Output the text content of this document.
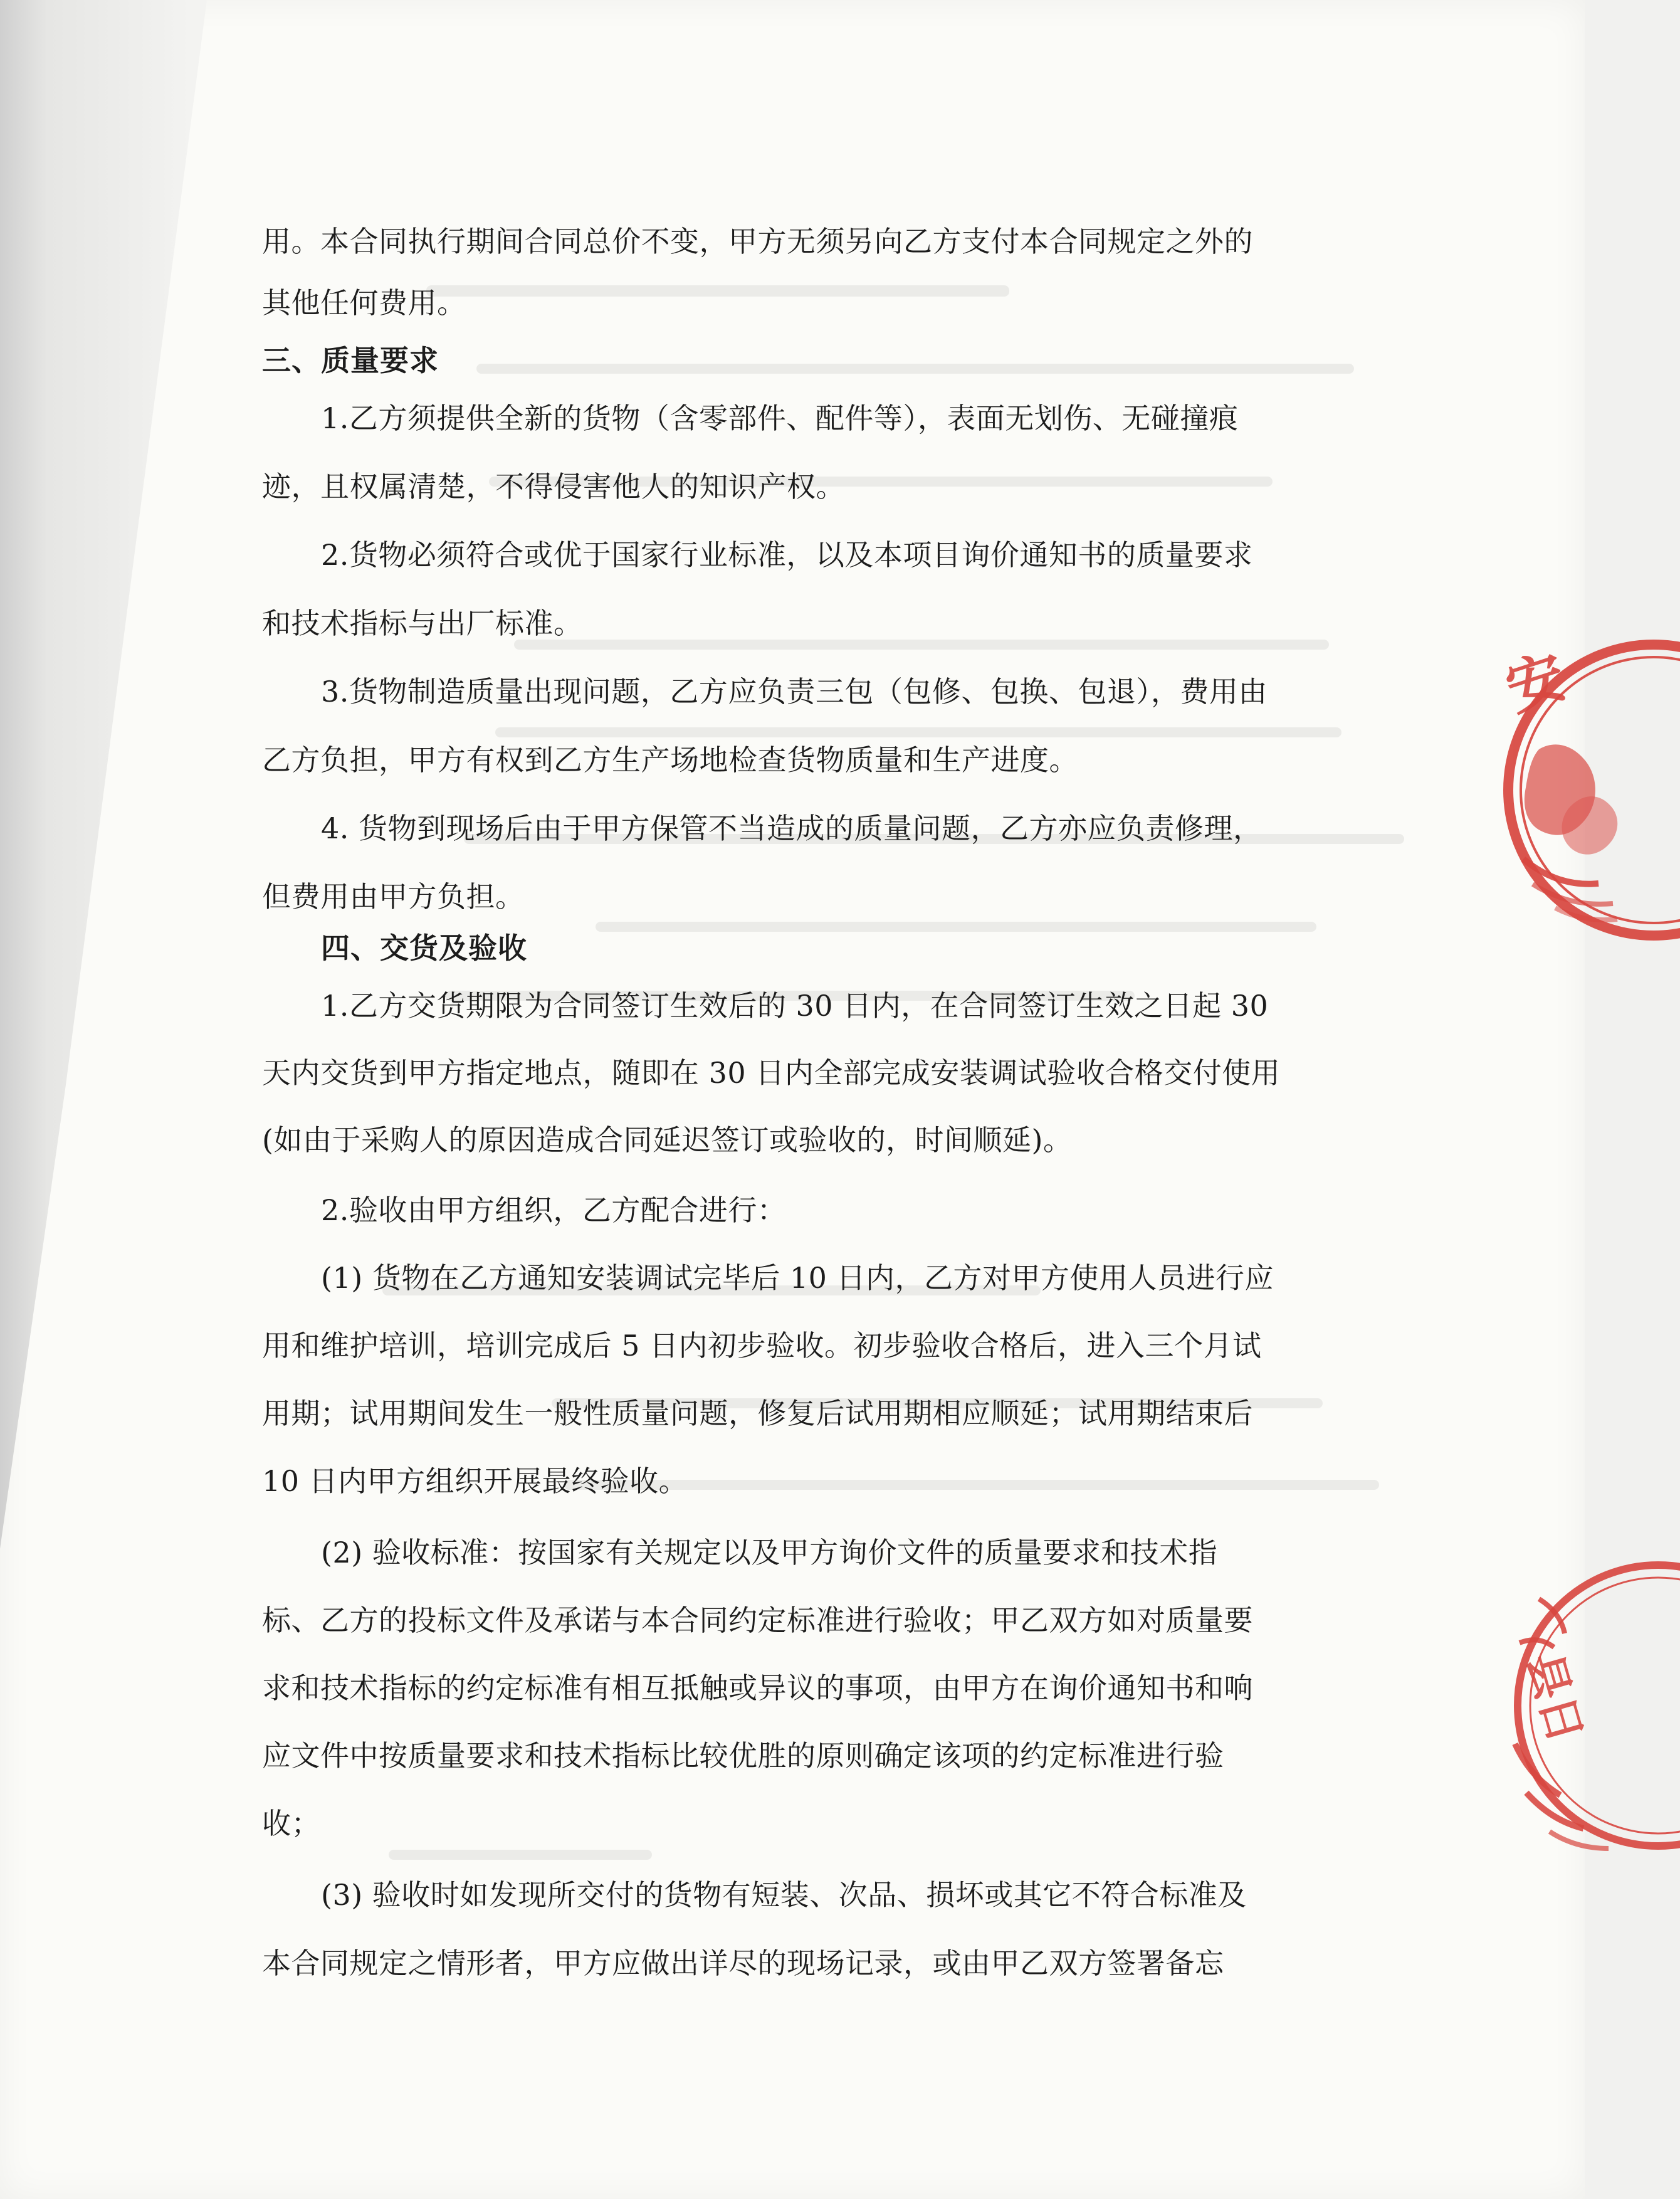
用。本合同执行期间合同总价不变，甲方无须另向乙方支付本合同规定之外的
其他任何费用。
三、质量要求
1.乙方须提供全新的货物（含零部件、配件等），表面无划伤、无碰撞痕
迹，且权属清楚，不得侵害他人的知识产权。
2.货物必须符合或优于国家行业标准，以及本项目询价通知书的质量要求
和技术指标与出厂标准。
3.货物制造质量出现问题，乙方应负责三包（包修、包换、包退），费用由
乙方负担，甲方有权到乙方生产场地检查货物质量和生产进度。
4. 货物到现场后由于甲方保管不当造成的质量问题，乙方亦应负责修理，
但费用由甲方负担。
四、交货及验收
1.乙方交货期限为合同签订生效后的 30 日内，在合同签订生效之日起 30
天内交货到甲方指定地点，随即在 30 日内全部完成安装调试验收合格交付使用
(如由于采购人的原因造成合同延迟签订或验收的，时间顺延)。
2.验收由甲方组织，乙方配合进行：
(1) 货物在乙方通知安装调试完毕后 10 日内，乙方对甲方使用人员进行应
用和维护培训，培训完成后 5 日内初步验收。初步验收合格后，进入三个月试
用期；试用期间发生一般性质量问题，修复后试用期相应顺延；试用期结束后
10 日内甲方组织开展最终验收。
(2) 验收标准：按国家有关规定以及甲方询价文件的质量要求和技术指
标、乙方的投标文件及承诺与本合同约定标准进行验收；甲乙双方如对质量要
求和技术指标的约定标准有相互抵触或异议的事项，由甲方在询价通知书和响
应文件中按质量要求和技术指标比较优胜的原则确定该项的约定标准进行验
收；
(3) 验收时如发现所交付的货物有短装、次品、损坏或其它不符合标准及
本合同规定之情形者，甲方应做出详尽的现场记录，或由甲乙双方签署备忘
安
县日
